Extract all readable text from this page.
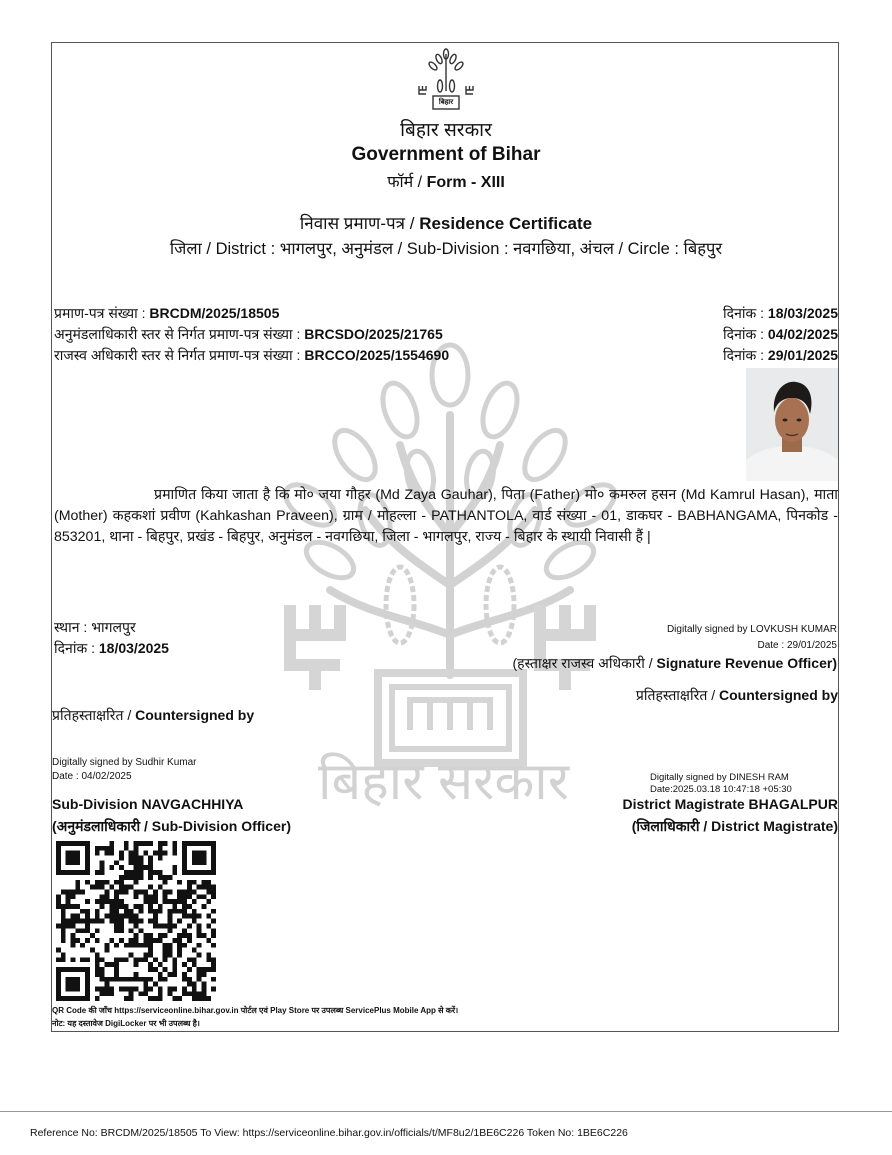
बिहार सरकार
बिहार
बिहार सरकार
Government of Bihar
फॉर्म / Form - XIII
निवास प्रमाण-पत्र / Residence Certificate
जिला / District : भागलपुर, अनुमंडल / Sub-Division : नवगछिया, अंचल / Circle : बिहपुर
प्रमाण-पत्र संख्या : BRCDM/2025/18505	दिनांक : 18/03/2025
अनुमंडलाधिकारी स्तर से निर्गत प्रमाण-पत्र संख्या : BRCSDO/2025/21765	दिनांक : 04/02/2025
राजस्व अधिकारी स्तर से निर्गत प्रमाण-पत्र संख्या : BRCCO/2025/1554690	दिनांक : 29/01/2025
प्रमाणित किया जाता है कि मो० जया गौहर (Md Zaya Gauhar), पिता (Father) मो० कमरुल हसन (Md Kamrul Hasan), माता (Mother) कहकशां प्रवीण (Kahkashan Praveen), ग्राम / मोहल्ला - PATHANTOLA, वार्ड संख्या - 01, डाकघर - BABHANGAMA, पिनकोड - 853201, थाना - बिहपुर, प्रखंड - बिहपुर, अनुमंडल - नवगछिया, जिला - भागलपुर, राज्य - बिहार के स्थायी निवासी हैं |
स्थान : भागलपुर
दिनांक : 18/03/2025
Digitally signed by LOVKUSH KUMAR
Date : 29/01/2025
(हस्ताक्षर राजस्व अधिकारी / Signature Revenue Officer)
प्रतिहस्ताक्षरित / Countersigned by
प्रतिहस्ताक्षरित / Countersigned by
Digitally signed by Sudhir Kumar
Date : 04/02/2025
Sub-Division NAVGACHHIYA
(अनुमंडलाधिकारी / Sub-Division Officer)
Digitally signed by DINESH RAM
Date:2025.03.18 10:47:18 +05:30
District Magistrate BHAGALPUR
(जिलाधिकारी / District Magistrate)
QR Code की जाँच https://serviceonline.bihar.gov.in पोर्टल एवं Play Store पर उपलब्ध ServicePlus Mobile App से करें।
नोट: यह दस्तावेज DigiLocker पर भी उपलब्ध है।
Reference No: BRCDM/2025/18505 To View: https://serviceonline.bihar.gov.in/officials/t/MF8u2/1BE6C226 Token No: 1BE6C226
